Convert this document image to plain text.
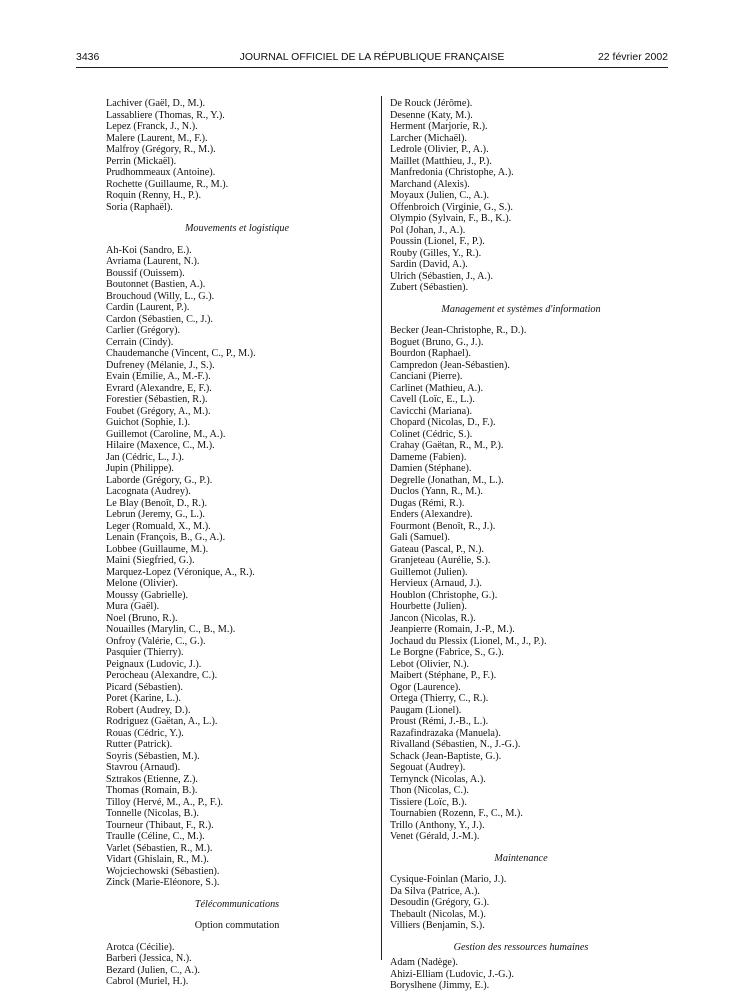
3436	JOURNAL OFFICIEL DE LA RÉPUBLIQUE FRANÇAISE	22 février 2002
Lachiver (Gaël, D., M.).
Lassabliere (Thomas, R., Y.).
Lepez (Franck, J., N.).
Malere (Laurent, M., F.).
Malfroy (Grégory, R., M.).
Perrin (Mickaël).
Prudhommeaux (Antoine).
Rochette (Guillaume, R., M.).
Roquin (Renny, H., P.).
Soria (Raphaël).
Mouvements et logistique
Ah-Koi (Sandro, E.).
Avriama (Laurent, N.).
Boussif (Ouissem).
Boutonnet (Bastien, A.).
Brouchoud (Willy, L., G.).
Cardin (Laurent, P.).
Cardon (Sébastien, C., J.).
Carlier (Grégory).
Cerrain (Cindy).
Chaudemanche (Vincent, C., P., M.).
Dufreney (Mélanie, J., S.).
Evain (Emilie, A., M.-F.).
Evrard (Alexandre, E, F.).
Forestier (Sébastien, R.).
Foubet (Grégory, A., M.).
Guichot (Sophie, I.).
Guillemot (Caroline, M., A.).
Hilaire (Maxence, C., M.).
Jan (Cédric, L., J.).
Jupin (Philippe).
Laborde (Grégory, G., P.).
Lacognata (Audrey).
Le Blay (Benoît, D., R.).
Lebrun (Jeremy, G., L.).
Leger (Romuald, X., M.).
Lenain (François, B., G., A.).
Lobbee (Guillaume, M.).
Maini (Siegfried, G.).
Marquez-Lopez (Véronique, A., R.).
Melone (Olivier).
Moussy (Gabrielle).
Mura (Gaël).
Noel (Bruno, R.).
Nouailles (Marylin, C., B., M.).
Onfroy (Valérie, C., G.).
Pasquier (Thierry).
Peignaux (Ludovic, J.).
Perocheau (Alexandre, C.).
Picard (Sébastien).
Poret (Karine, L.).
Robert (Audrey, D.).
Rodriguez (Gaëtan, A., L.).
Rouas (Cédric, Y.).
Rutter (Patrick).
Soyris (Sébastien, M.).
Stavrou (Arnaud).
Sztrakos (Etienne, Z.).
Thomas (Romain, B.).
Tilloy (Hervé, M., A., P., F.).
Tonnelle (Nicolas, B.).
Tourneur (Thibaut, F., R.).
Traulle (Céline, C., M.).
Varlet (Sébastien, R., M.).
Vidart (Ghislain, R., M.).
Wojciechowski (Sébastien).
Zinck (Marie-Eléonore, S.).
Télécommunications
Option commutation
Arotca (Cécilie).
Barberi (Jessica, N.).
Bezard (Julien, C., A.).
Cabrol (Muriel, H.).
De Rouck (Jérôme).
Desenne (Katy, M.).
Herment (Marjorie, R.).
Larcher (Michaël).
Ledrole (Olivier, P., A.).
Maillet (Matthieu, J., P.).
Manfredonia (Christophe, A.).
Marchand (Alexis).
Moyaux (Julien, C., A.).
Offenbroich (Virginie, G., S.).
Olympio (Sylvain, F., B., K.).
Pol (Johan, J., A.).
Poussin (Lionel, F., P.).
Rouby (Gilles, Y., R.).
Sardin (David, A.).
Ulrich (Sébastien, J., A.).
Zubert (Sébastien).
Management et systèmes d'information
Becker (Jean-Christophe, R., D.).
Boguet (Bruno, G., J.).
Bourdon (Raphael).
Campredon (Jean-Sébastien).
Canciani (Pierre).
Carlinet (Mathieu, A.).
Cavell (Loïc, E., L.).
Cavicchi (Mariana).
Chopard (Nicolas, D., F.).
Colinet (Cédric, S.).
Crahay (Gaëtan, R., M., P.).
Dameme (Fabien).
Damien (Stéphane).
Degrelle (Jonathan, M., L.).
Duclos (Yann, R., M.).
Dugas (Rémi, R.).
Enders (Alexandre).
Fourmont (Benoît, R., J.).
Gali (Samuel).
Gateau (Pascal, P., N.).
Granjeteau (Aurélie, S.).
Guillemot (Julien).
Hervieux (Arnaud, J.).
Houblon (Christophe, G.).
Hourbette (Julien).
Jancon (Nicolas, R.).
Jeanpierre (Romain, J.-P., M.).
Jochaud du Plessix (Lionel, M., J., P.).
Le Borgne (Fabrice, S., G.).
Lebot (Olivier, N.).
Maibert (Stéphane, P., F.).
Ogor (Laurence).
Ortega (Thierry, C., R.).
Paugam (Lionel).
Proust (Rémi, J.-B., L.).
Razafindrazaka (Manuela).
Rivalland (Sébastien, N., J.-G.).
Schack (Jean-Baptiste, G.).
Segouat (Audrey).
Ternynck (Nicolas, A.).
Thon (Nicolas, C.).
Tissiere (Loïc, B.).
Tournabien (Rozenn, F., C., M.).
Trillo (Anthony, Y., J.).
Venet (Gérald, J.-M.).
Maintenance
Cysique-Foinlan (Mario, J.).
Da Silva (Patrice, A.).
Desoudin (Grégory, G.).
Thebault (Nicolas, M.).
Villiers (Benjamin, S.).
Gestion des ressources humaines
Adam (Nadège).
Ahizi-Elliam (Ludovic, J.-G.).
Boryslhene (Jimmy, E.).
